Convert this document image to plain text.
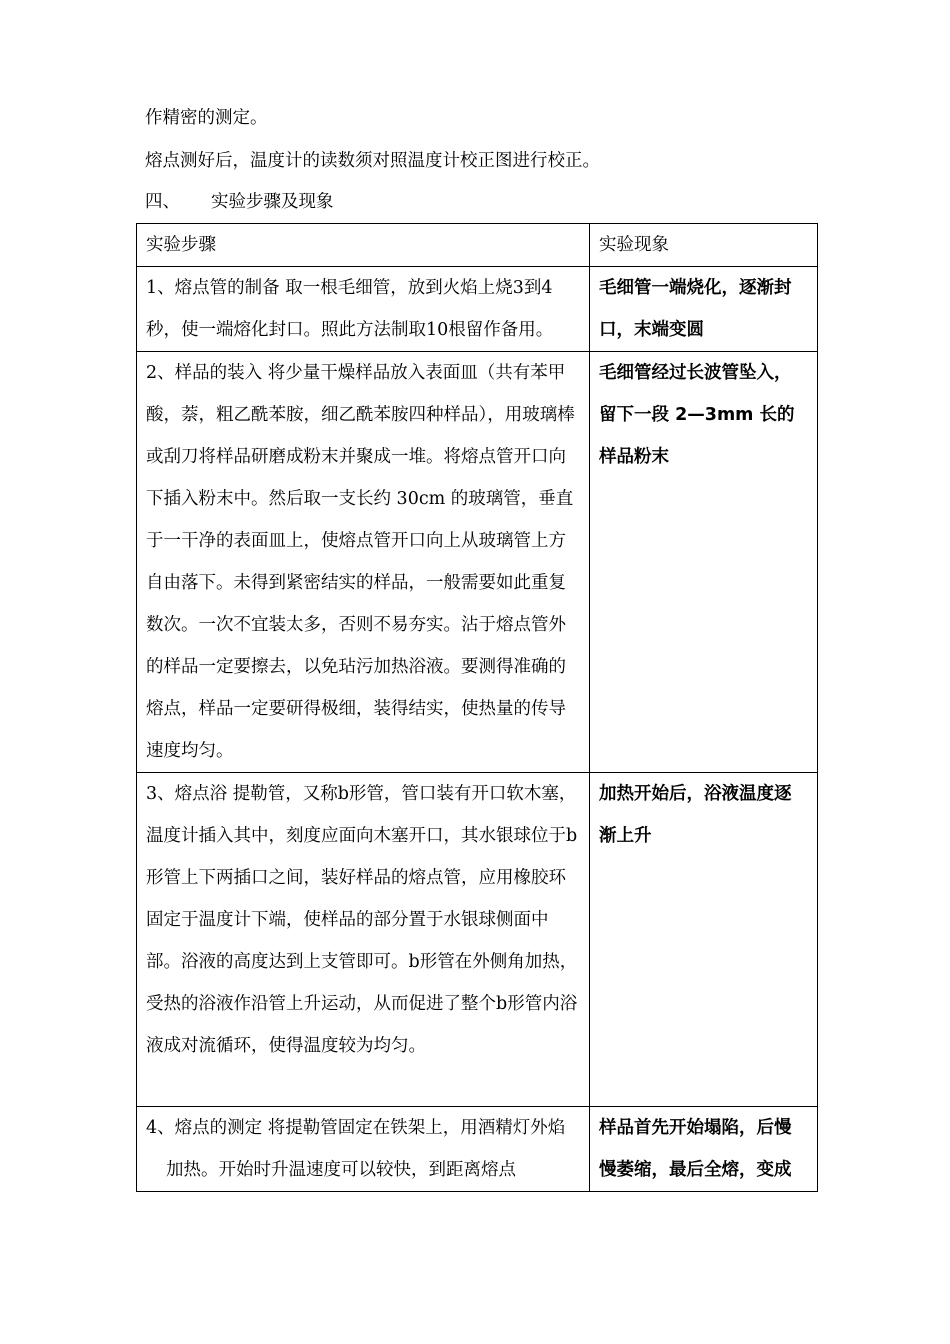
作精密的测定。
熔点测好后，温度计的读数须对照温度计校正图进行校正。
四、 实验步骤及现象
实验步骤	实验现象
1、熔点管的制备 取一根毛细管，放到火焰上烧3到4秒，使一端熔化封口。照此方法制取10根留作备用。	毛细管一端烧化，逐渐封口，末端变圆
2、样品的装入 将少量干燥样品放入表面皿（共有苯甲酸，萘，粗乙酰苯胺，细乙酰苯胺四种样品），用玻璃棒或刮刀将样品研磨成粉末并聚成一堆。将熔点管开口向下插入粉末中。然后取一支长约 30cm 的玻璃管，垂直于一干净的表面皿上，使熔点管开口向上从玻璃管上方自由落下。未得到紧密结实的样品，一般需要如此重复数次。一次不宜装太多，否则不易夯实。沾于熔点管外的样品一定要擦去，以免玷污加热浴液。要测得准确的熔点，样品一定要研得极细，装得结实，使热量的传导速度均匀。	毛细管经过长波管坠入，留下一段 2—3mm 长的样品粉末
3、熔点浴 提勒管，又称b形管，管口装有开口软木塞，温度计插入其中，刻度应面向木塞开口，其水银球位于b形管上下两插口之间，装好样品的熔点管，应用橡胶环固定于温度计下端，使样品的部分置于水银球侧面中部。浴液的高度达到上支管即可。b形管在外侧角加热，受热的浴液作沿管上升运动，从而促进了整个b形管内浴液成对流循环，使得温度较为均匀。	加热开始后，浴液温度逐渐上升

4、熔点的测定 将提勒管固定在铁架上，用酒精灯外焰加热。开始时升温速度可以较快，到距离熔点	样品首先开始塌陷，后慢慢萎缩，最后全熔，变成
